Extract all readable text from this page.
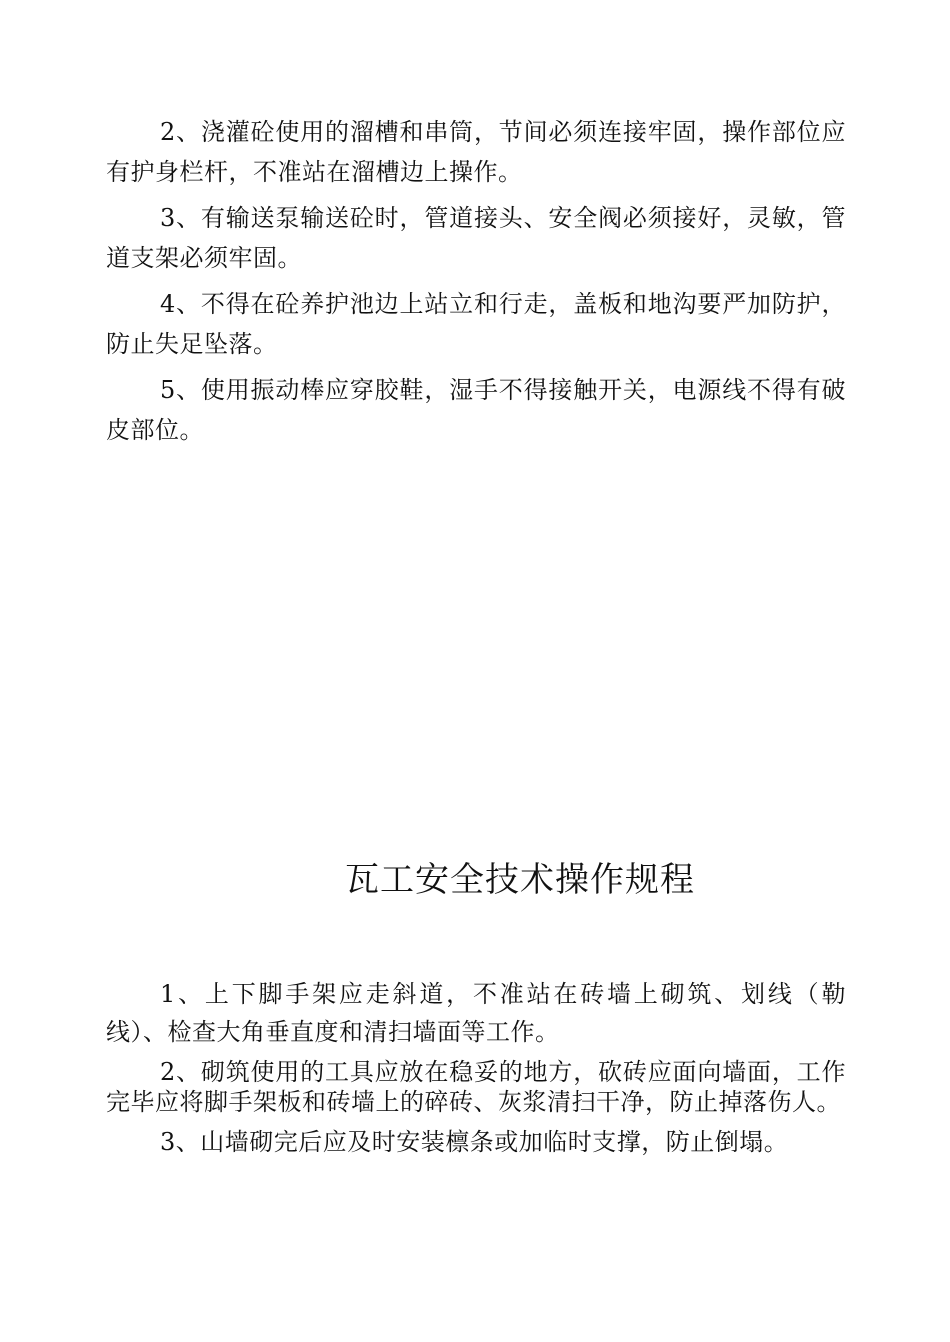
2、浇灌砼使用的溜槽和串筒，节间必须连接牢固，操作部位应有护身栏杆，不准站在溜槽边上操作。

3、有输送泵输送砼时，管道接头、安全阀必须接好，灵敏，管道支架必须牢固。

4、不得在砼养护池边上站立和行走，盖板和地沟要严加防护，防止失足坠落。

5、使用振动棒应穿胶鞋，湿手不得接触开关，电源线不得有破皮部位。

瓦工安全技术操作规程

1、上下脚手架应走斜道，不准站在砖墙上砌筑、划线（勒线）、检查大角垂直度和清扫墙面等工作。

2、砌筑使用的工具应放在稳妥的地方，砍砖应面向墙面，工作完毕应将脚手架板和砖墙上的碎砖、灰浆清扫干净，防止掉落伤人。

3、山墙砌完后应及时安装檩条或加临时支撑，防止倒塌。
